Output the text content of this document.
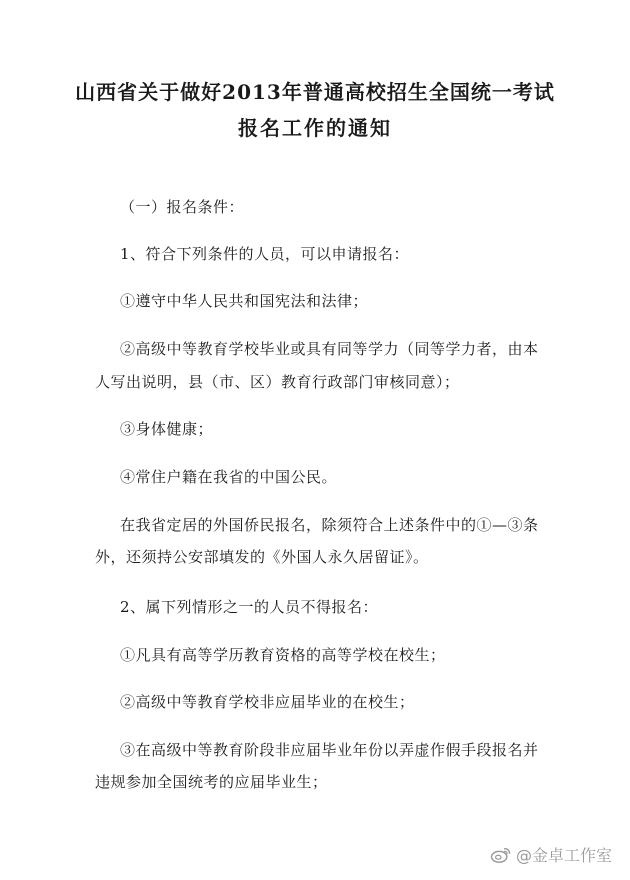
山西省关于做好2013年普通高校招生全国统一考试
报名工作的通知
（一）报名条件：
1、符合下列条件的人员，可以申请报名：
①遵守中华人民共和国宪法和法律；
②高级中等教育学校毕业或具有同等学力（同等学力者，由本
人写出说明，县（市、区）教育行政部门审核同意）；
③身体健康；
④常住户籍在我省的中国公民。
在我省定居的外国侨民报名，除须符合上述条件中的①—③条
外，还须持公安部填发的《外国人永久居留证》。
2、属下列情形之一的人员不得报名：
①凡具有高等学历教育资格的高等学校在校生；
②高级中等教育学校非应届毕业的在校生；
③在高级中等教育阶段非应届毕业年份以弄虚作假手段报名并
违规参加全国统考的应届毕业生；
@金卓工作室
